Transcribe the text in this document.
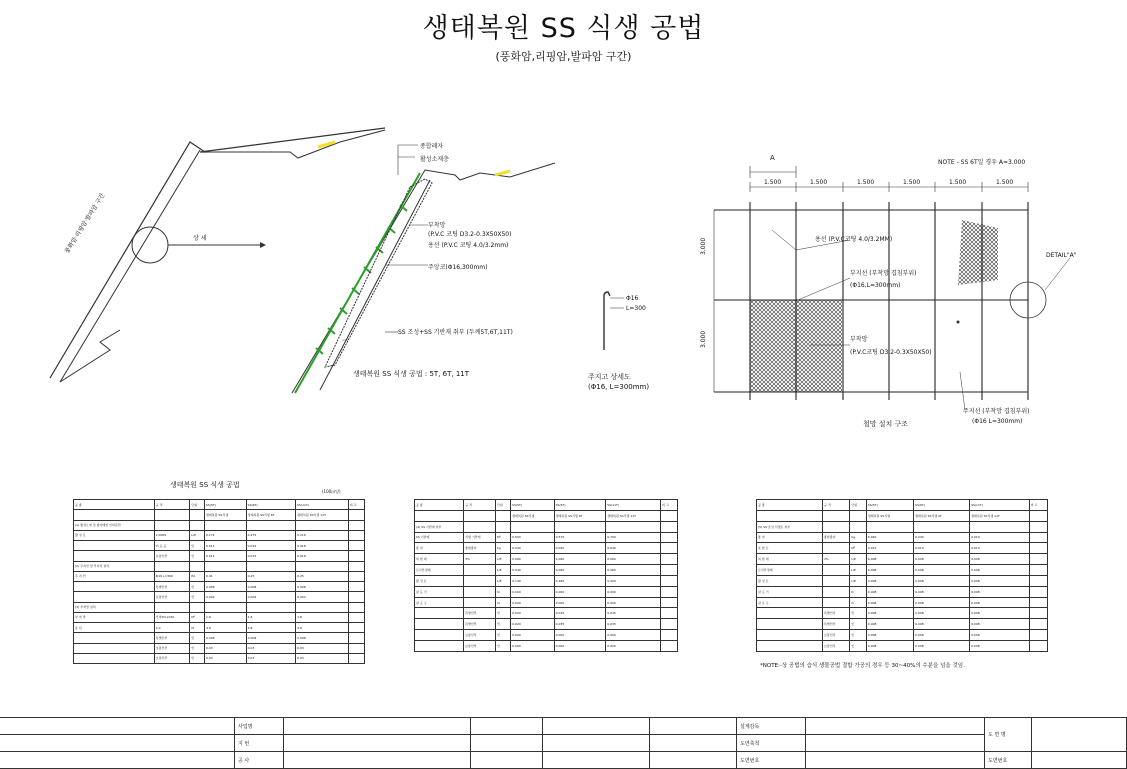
생태복원 SS 식생 공법
(풍화암,리핑암,발파암 구간)
상 세
풍화암·리핑암·발파암 구간
종합레자
활성소재층
부착망
(P.V.C 코팅 D3.2-0.3X50X50)
용선 (P.V.C 코팅 4.0/3.2mm)
주앙코(Φ16,300mm)
SS 조성+SS 기반재 취부 (두께5T,6T,11T)
생태복원 SS 식생 공법 : 5T, 6T, 11T
Φ16
L=300
주지고 상세도
(Φ16, L=300mm)
A
NOTE - SS 6T일 경우 A=3.000
1.500	1.500	1.500	1.500	1.500	1.500
3.000
3.000
용선 (P.V.C코팅 4.0/3.2MM)
부지선 (부착망 겹침부위)
(Φ16,L=300mm)
부착망
(P.V.C코팅 D3.2-0.3X50X50)
주지선 (부착망 겹침부위)
(Φ16 L=300mm)
DETAIL"A"
철망 설치 구조
생태복원 SS 식생 공법
(100㎡당)
공 종	규 격	단위	SS(5T)	SS(6T)	SS(11T)	비 고
			생태복원 SS식생	생태복원 SS식생 6T	생태복원 SS식생 11T	
(1) 활성토재 및 종자배합 인력운반						
활 성 토	2,000S	L/E	0.172	0.275	0.216	
	비 료 공	인	0.011	0.015	0.018	
	보통인부	인	0.011	0.015	0.018	
(2) 주지선 및 부지선 설치						
주 지 선	Φ16 L=300	EA	0.41	0.25	0.25	
	특별인부	인	0.008	0.008	0.008	
	보통인부	인	0.002	0.002	0.002	
(3) 부착망 설치						
부 착 망	부착D3.2x50	M²	1.8	1.8	1.8	
용 선	4.0	M	4.8	4.8	4.8	
	특별인부	인	0.008	0.008	0.008	
	보통인부	인	0.03	0.03	0.03	
	보통인부	인	0.03	0.03	0.03	
공 종	규 격	단위	SS(5T)	SS(6T)	SS(11T)	비 고
			생태복원 SS식생	생태복원 SS식생 6T	생태복원 SS식생 11T	
(4) SS 기반재 취부						
SS 기반재	식생 기반재	M³	0.500	0.575	0.700	
종 자	종합종자	kg	0.040	0.040	0.040	
복 합 제	3%	L/E	0.060	0.060	0.060	
토사안정제		L/E	0.040	0.060	0.060	
활 성 토		L/E	0.140	0.180	0.200	
살 포 기		hr	0.000	0.000	0.000	
살 포 구		hr	0.000	0.000	0.000	
	특별인부	인	0.020	0.035	0.035	
	특별인부	인	0.020	0.035	0.035	
	보통인부	인	0.000	0.000	0.000	
	보통인부	인	0.000	0.000	0.000	
공 종	규 격	단위	SS(5T)	SS(6T)	SS(11T)	비 고
			생태복원 SS식생	생태복원 SS식생 6T	생태복원 SS식생 11T	
(5) SS 조성 식생토 취부						
종 자	종합종자	kg	0.040	0.040	0.010	
조 합 토		M³	0.015	0.010	0.010	
복 합 제	3%	L/E	0.008	0.008	0.008	
토사안정제		L/E	0.008	0.008	0.008	
활 성 토		L/E	0.008	0.008	0.008	
살 포 기		hr	0.008	0.008	0.008	
살 포 구		hr	0.008	0.008	0.008	
	특별인부	인	0.008	0.008	0.008	
	특별인부	인	0.008	0.008	0.008	
	보통인부	인	0.008	0.008	0.008	
	보통인부	인	0.008	0.008	0.008	
*NOTE:-상 공법의 습식 생물공법 결합 가공의 경우 등 30~40%의 수분을 넘을 것임.
	사업명					설계감독		도 면 명	
	지 번					도면축척			
	공 사					도면번호		도면번호	
